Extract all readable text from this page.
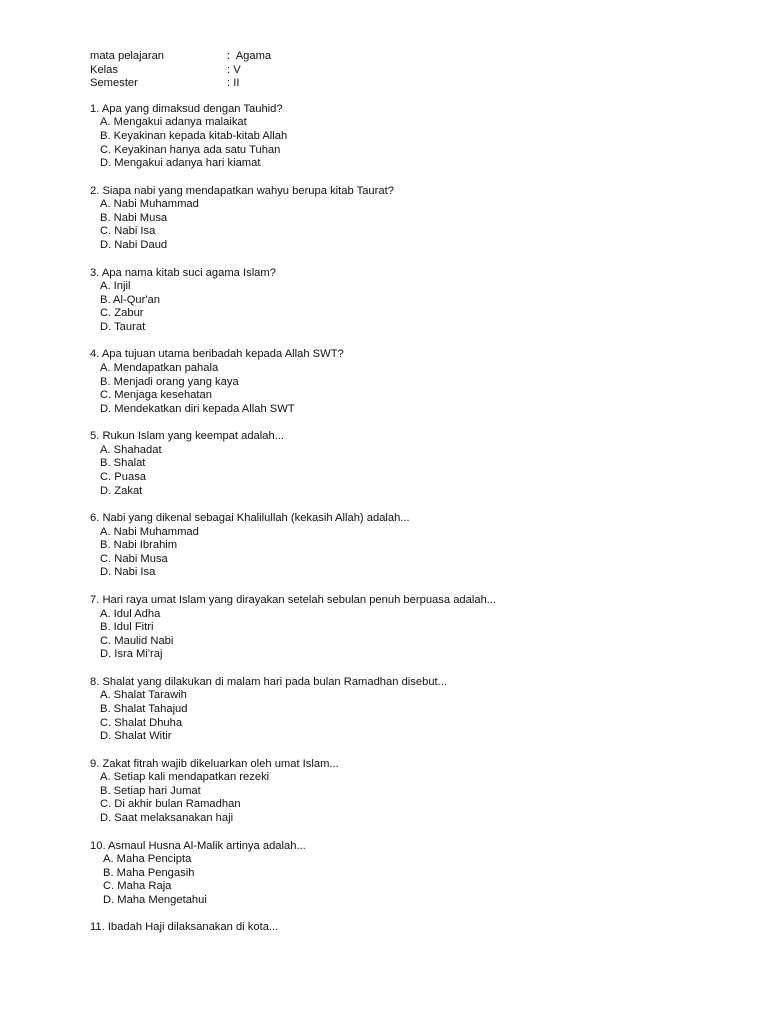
mata pelajaran	:  Agama
Kelas	: V
Semester	: II
1. Apa yang dimaksud dengan Tauhid?
A. Mengakui adanya malaikat
B. Keyakinan kepada kitab-kitab Allah
C. Keyakinan hanya ada satu Tuhan
D. Mengakui adanya hari kiamat
2. Siapa nabi yang mendapatkan wahyu berupa kitab Taurat?
A. Nabi Muhammad
B. Nabi Musa
C. Nabi Isa
D. Nabi Daud
3. Apa nama kitab suci agama Islam?
A. Injil
B. Al-Qur'an
C. Zabur
D. Taurat
4. Apa tujuan utama beribadah kepada Allah SWT?
A. Mendapatkan pahala
B. Menjadi orang yang kaya
C. Menjaga kesehatan
D. Mendekatkan diri kepada Allah SWT
5. Rukun Islam yang keempat adalah...
A. Shahadat
B. Shalat
C. Puasa
D. Zakat
6. Nabi yang dikenal sebagai Khalilullah (kekasih Allah) adalah...
A. Nabi Muhammad
B. Nabi Ibrahim
C. Nabi Musa
D. Nabi Isa
7. Hari raya umat Islam yang dirayakan setelah sebulan penuh berpuasa adalah...
A. Idul Adha
B. Idul Fitri
C. Maulid Nabi
D. Isra Mi'raj
8. Shalat yang dilakukan di malam hari pada bulan Ramadhan disebut...
A. Shalat Tarawih
B. Shalat Tahajud
C. Shalat Dhuha
D. Shalat Witir
9. Zakat fitrah wajib dikeluarkan oleh umat Islam...
A. Setiap kali mendapatkan rezeki
B. Setiap hari Jumat
C. Di akhir bulan Ramadhan
D. Saat melaksanakan haji
10. Asmaul Husna Al-Malik artinya adalah...
A. Maha Pencipta
B. Maha Pengasih
C. Maha Raja
D. Maha Mengetahui
11. Ibadah Haji dilaksanakan di kota...
